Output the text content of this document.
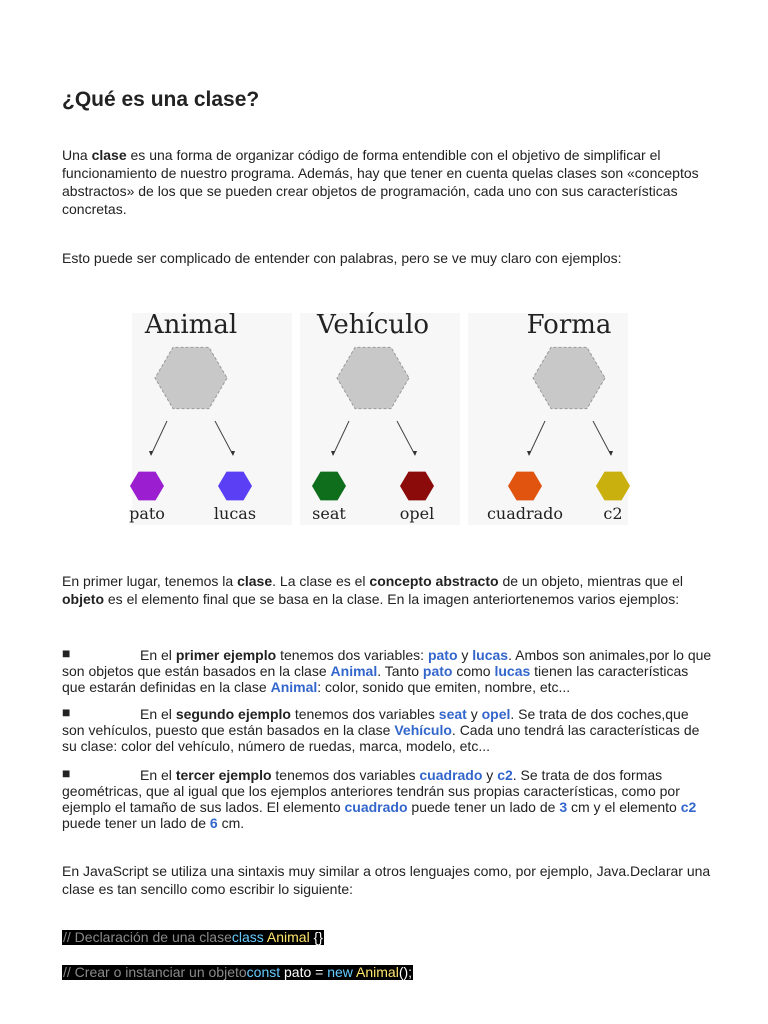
¿Qué es una clase?

Una clase es una forma de organizar código de forma entendible con el objetivo de simplificar el funcionamiento de nuestro programa. Además, hay que tener en cuenta quelas clases son «conceptos abstractos» de los que se pueden crear objetos de programación, cada uno con sus características concretas.

Esto puede ser complicado de entender con palabras, pero se ve muy claro con ejemplos:

Animal
pato	lucas
Vehículo
seat	opel
Forma
cuadrado	c2

En primer lugar, tenemos la clase. La clase es el concepto abstracto de un objeto, mientras que el objeto es el elemento final que se basa en la clase. En la imagen anteriortenemos varios ejemplos:

■	En el primer ejemplo tenemos dos variables: pato y lucas. Ambos son animales,por lo que son objetos que están basados en la clase Animal. Tanto pato como lucas tienen las características que estarán definidas en la clase Animal: color, sonido que emiten, nombre, etc...

■	En el segundo ejemplo tenemos dos variables seat y opel. Se trata de dos coches,que son vehículos, puesto que están basados en la clase Vehículo. Cada uno tendrá las características de su clase: color del vehículo, número de ruedas, marca, modelo, etc...

■	En el tercer ejemplo tenemos dos variables cuadrado y c2. Se trata de dos formas geométricas, que al igual que los ejemplos anteriores tendrán sus propias características, como por ejemplo el tamaño de sus lados. El elemento cuadrado puede tener un lado de 3 cm y el elemento c2 puede tener un lado de 6 cm.

En JavaScript se utiliza una sintaxis muy similar a otros lenguajes como, por ejemplo, Java.Declarar una clase es tan sencillo como escribir lo siguiente:

// Declaración de una claseclass Animal {}
// Crear o instanciar un objetoconst pato = new Animal();
